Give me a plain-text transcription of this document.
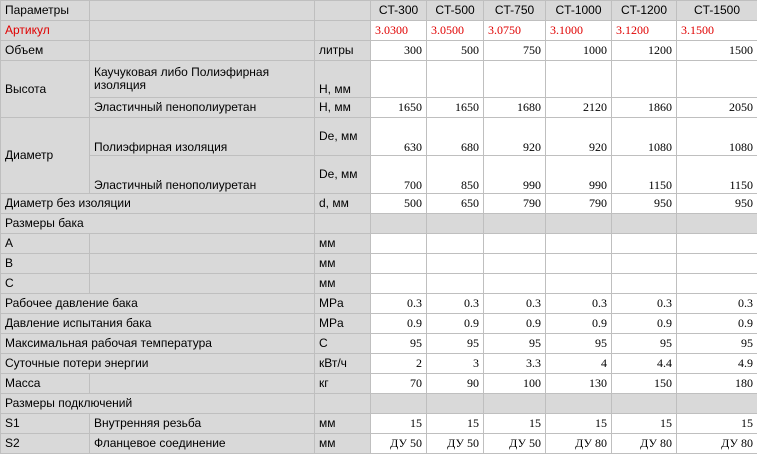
Параметры			CT-300	CT-500	CT-750	CT-1000	CT-1200	CT-1500
Артикул			3.0300	3.0500	3.0750	3.1000	3.1200	3.1500
Объем		литры	300	500	750	1000	1200	1500
Высота	Каучуковая либо Полиэфирная изоляция	H, мм						
	Эластичный пенополиуретан	H, мм	1650	1650	1680	2120	1860	2050
Диаметр	Полиэфирная изоляция	De, мм	630	680	920	920	1080	1080
	Эластичный пенополиуретан	De, мм	700	850	990	990	1150	1150
Диаметр без изоляции		d, мм	500	650	790	790	950	950
Размеры бака								
A		мм						
B		мм						
C		мм						
Рабочее давление бака		MPa	0.3	0.3	0.3	0.3	0.3	0.3
Давление испытания бака		MPa	0.9	0.9	0.9	0.9	0.9	0.9
Максимальная рабочая температура		C	95	95	95	95	95	95
Суточные потери энергии		кВт/ч	2	3	3.3	4	4.4	4.9
Масса		кг	70	90	100	130	150	180
Размеры подключений								
S1	Внутренняя резьба	мм	15	15	15	15	15	15
S2	Фланцевое соединение	мм	ДУ 50	ДУ 50	ДУ 50	ДУ 80	ДУ 80	ДУ 80
